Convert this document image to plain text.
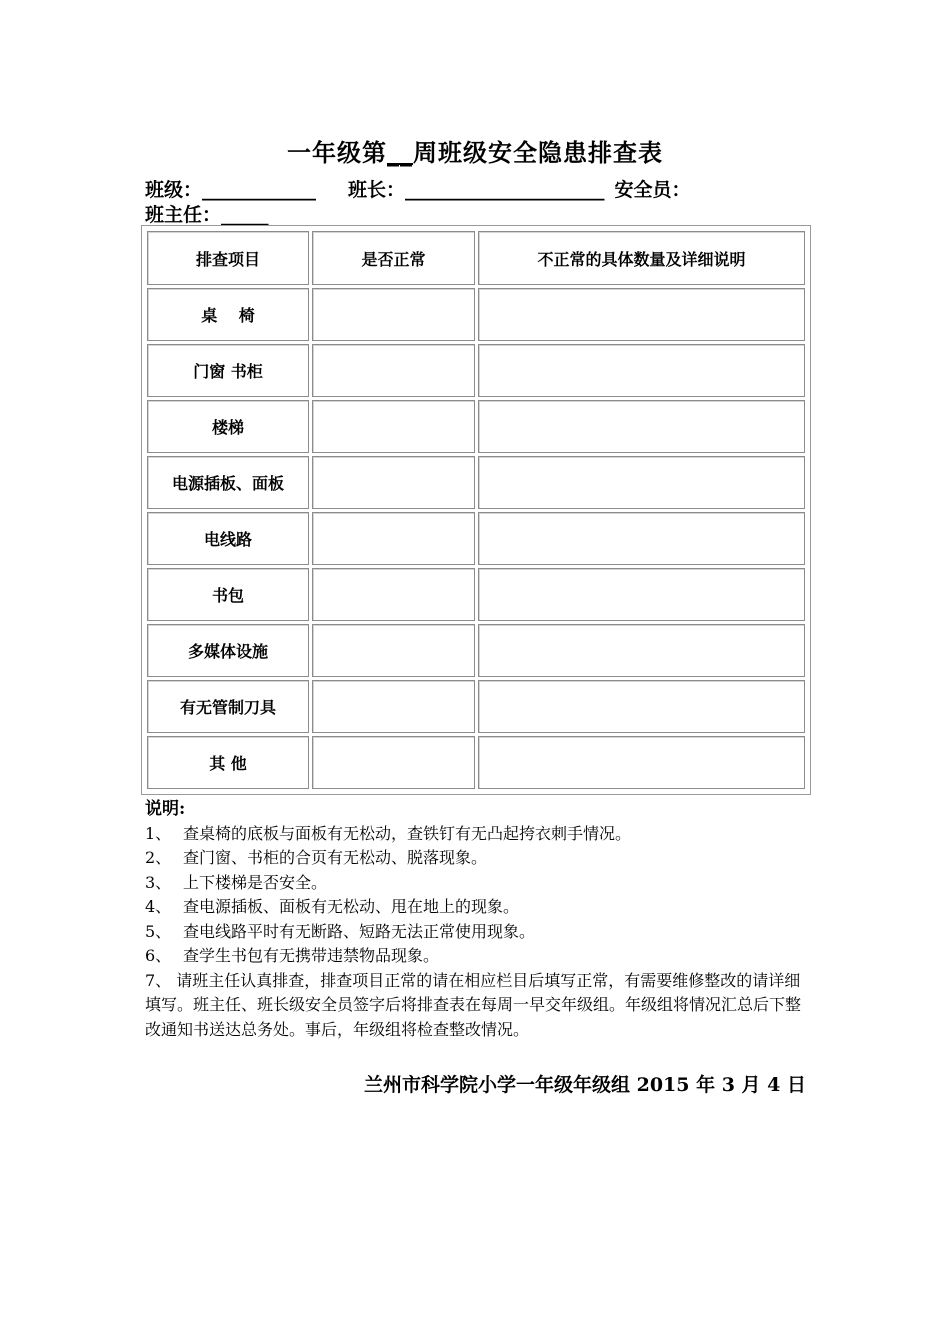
一年级第__周班级安全隐患排查表
班级：____________ 班长：_____________________ 安全员：
班主任：_____
排查项目	是否正常	不正常的具体数量及详细说明
桌　 椅		
门窗 书柜		
楼梯		
电源插板、面板		
电线路		
书包		
多媒体设施		
有无管制刀具		
其 他		
说明:
1、 查桌椅的底板与面板有无松动，查铁钉有无凸起挎衣刺手情况。
2、 查门窗、书柜的合页有无松动、脱落现象。
3、 上下楼梯是否安全。
4、 查电源插板、面板有无松动、甩在地上的现象。
5、 查电线路平时有无断路、短路无法正常使用现象。
6、 查学生书包有无携带违禁物品现象。
7、 请班主任认真排查，排查项目正常的请在相应栏目后填写正常，有需要维修整改的请详细填写。班主任、班长级安全员签字后将排查表在每周一早交年级组。年级组将情况汇总后下整改通知书送达总务处。事后，年级组将检查整改情况。
兰州市科学院小学一年级年级组 2015 年 3 月 4 日
